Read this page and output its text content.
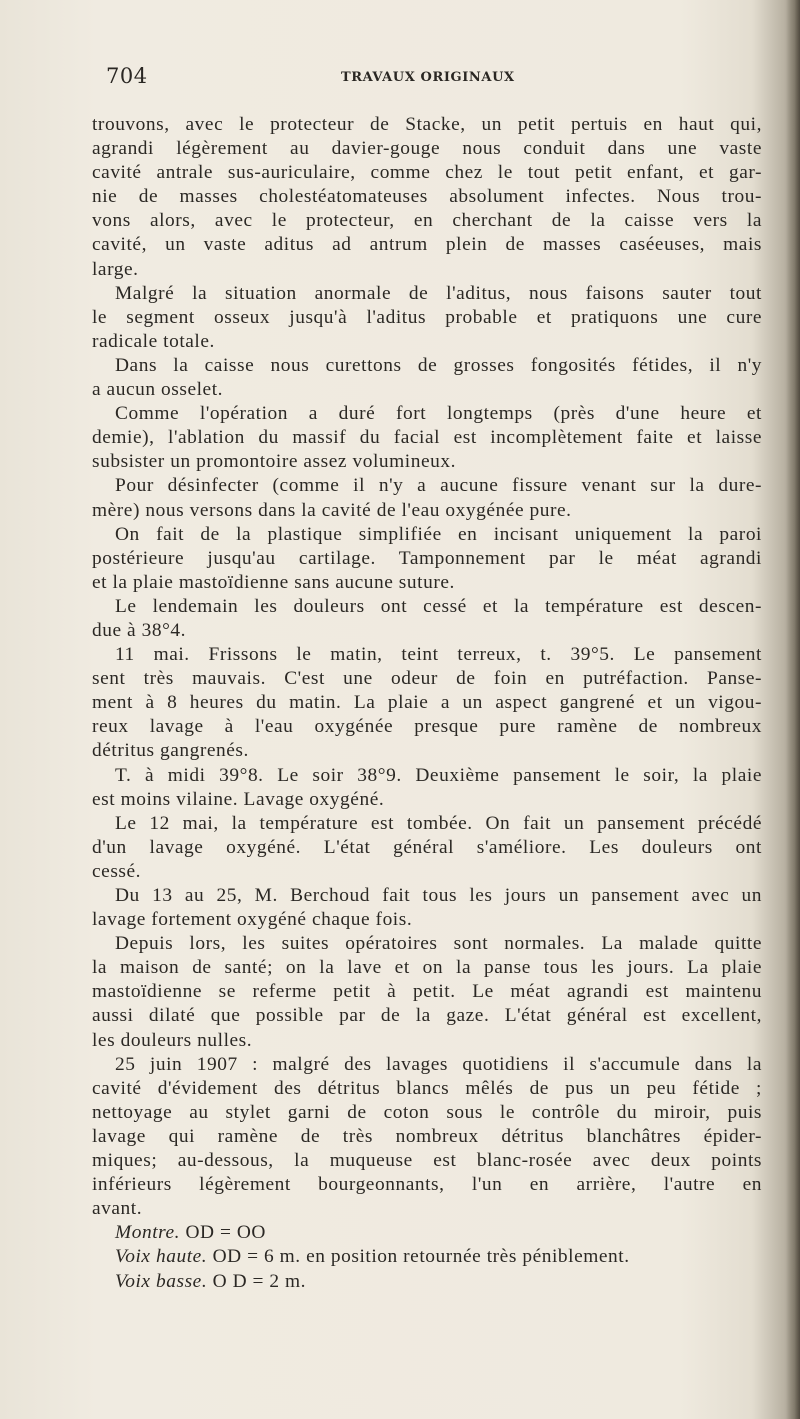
704	TRAVAUX ORIGINAUX
trouvons, avec le protecteur de Stacke, un petit pertuis en haut qui,
agrandi légèrement au davier-gouge nous conduit dans une vaste
cavité antrale sus-auriculaire, comme chez le tout petit enfant, et gar-
nie de masses cholestéatomateuses absolument infectes. Nous trou-
vons alors, avec le protecteur, en cherchant de la caisse vers la
cavité, un vaste aditus ad antrum plein de masses caséeuses, mais
large.
Malgré la situation anormale de l'aditus, nous faisons sauter tout
le segment osseux jusqu'à l'aditus probable et pratiquons une cure
radicale totale.
Dans la caisse nous curettons de grosses fongosités fétides, il n'y
a aucun osselet.
Comme l'opération a duré fort longtemps (près d'une heure et
demie), l'ablation du massif du facial est incomplètement faite et laisse
subsister un promontoire assez volumineux.
Pour désinfecter (comme il n'y a aucune fissure venant sur la dure-
mère) nous versons dans la cavité de l'eau oxygénée pure.
On fait de la plastique simplifiée en incisant uniquement la paroi
postérieure jusqu'au cartilage. Tamponnement par le méat agrandi
et la plaie mastoïdienne sans aucune suture.
Le lendemain les douleurs ont cessé et la température est descen-
due à 38°4.
11 mai. Frissons le matin, teint terreux, t. 39°5. Le pansement
sent très mauvais. C'est une odeur de foin en putréfaction. Panse-
ment à 8 heures du matin. La plaie a un aspect gangrené et un vigou-
reux lavage à l'eau oxygénée presque pure ramène de nombreux
détritus gangrenés.
T. à midi 39°8. Le soir 38°9. Deuxième pansement le soir, la plaie
est moins vilaine. Lavage oxygéné.
Le 12 mai, la température est tombée. On fait un pansement précédé
d'un lavage oxygéné. L'état général s'améliore. Les douleurs ont
cessé.
Du 13 au 25, M. Berchoud fait tous les jours un pansement avec un
lavage fortement oxygéné chaque fois.
Depuis lors, les suites opératoires sont normales. La malade quitte
la maison de santé; on la lave et on la panse tous les jours. La plaie
mastoïdienne se referme petit à petit. Le méat agrandi est maintenu
aussi dilaté que possible par de la gaze. L'état général est excellent,
les douleurs nulles.
25 juin 1907 : malgré des lavages quotidiens il s'accumule dans la
cavité d'évidement des détritus blancs mêlés de pus un peu fétide ;
nettoyage au stylet garni de coton sous le contrôle du miroir, puis
lavage qui ramène de très nombreux détritus blanchâtres épider-
miques; au-dessous, la muqueuse est blanc-rosée avec deux points
inférieurs légèrement bourgeonnants, l'un en arrière, l'autre en
avant.
Montre. OD = OO
Voix haute. OD = 6 m. en position retournée très péniblement.
Voix basse. O D = 2 m.
